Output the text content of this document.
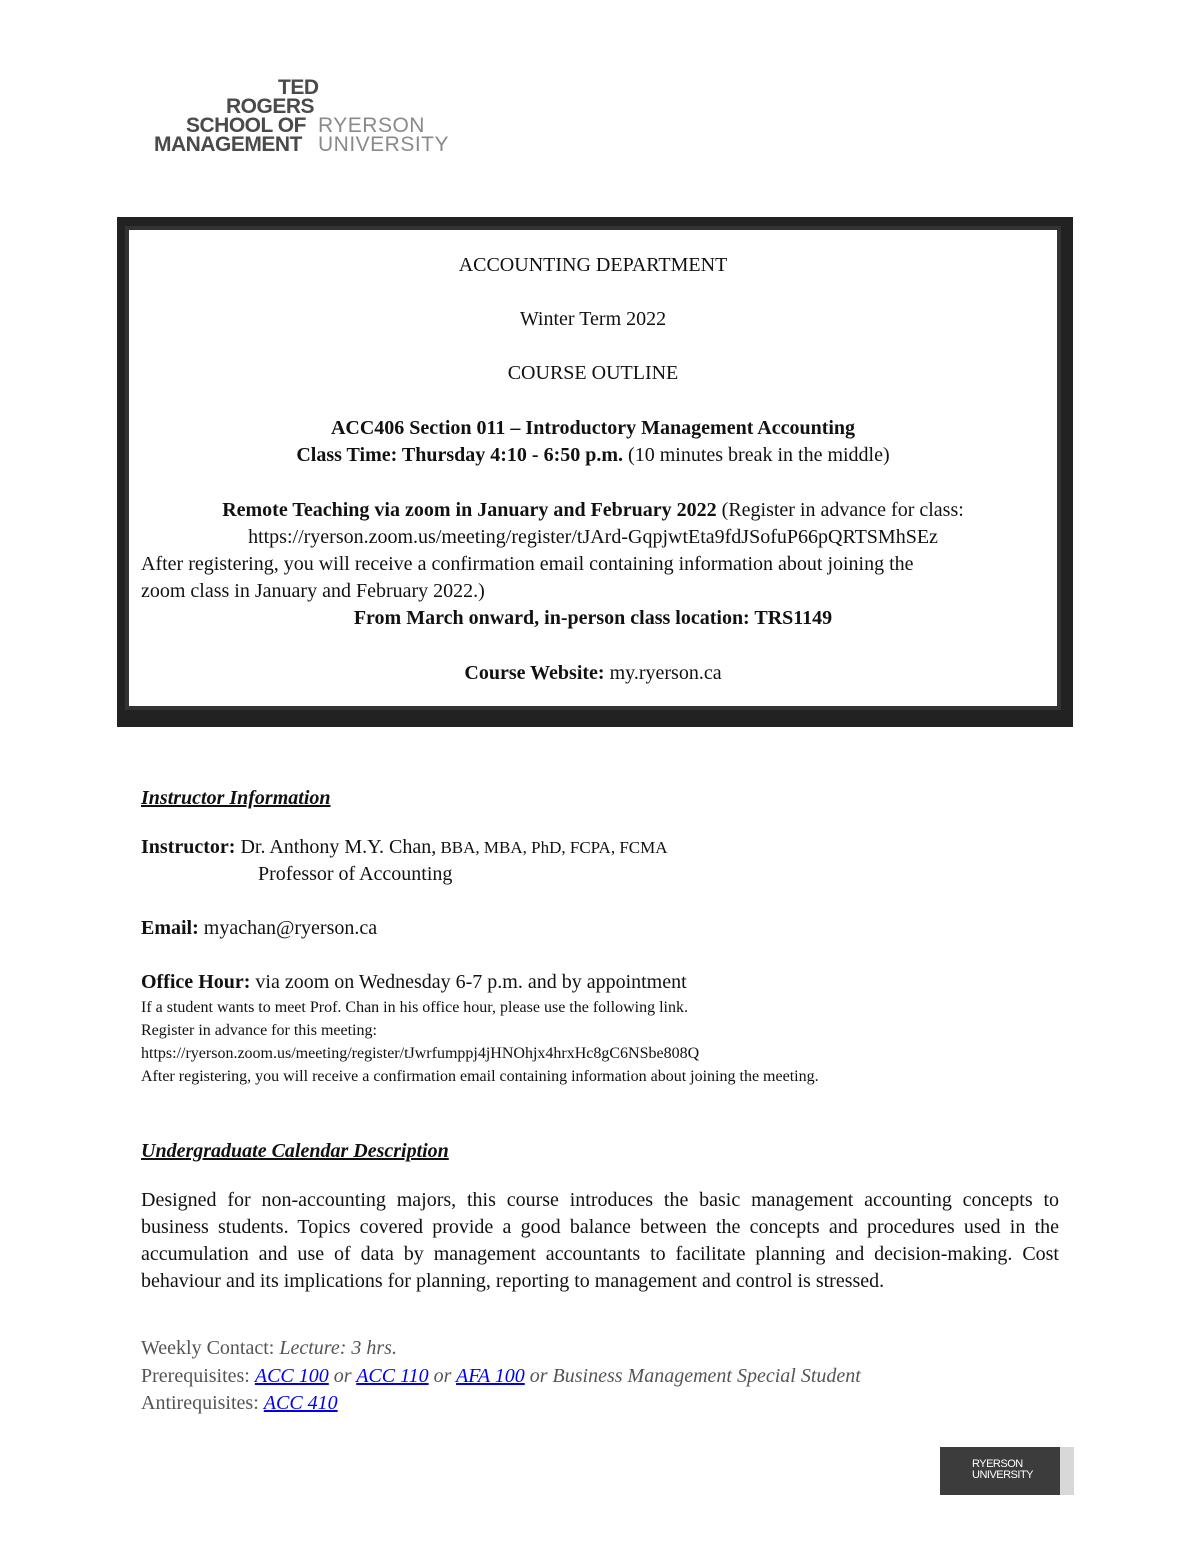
TED
ROGERS
SCHOOL OF RYERSON
MANAGEMENT UNIVERSITY
ACCOUNTING DEPARTMENT
Winter Term 2022
COURSE OUTLINE
ACC406 Section 011 – Introductory Management Accounting
Class Time: Thursday 4:10 - 6:50 p.m. (10 minutes break in the middle)
Remote Teaching via zoom in January and February 2022 (Register in advance for class:
https://ryerson.zoom.us/meeting/register/tJArd-GqpjwtEta9fdJSofuP66pQRTSMhSEz
After registering, you will receive a confirmation email containing information about joining the
zoom class in January and February 2022.)
From March onward, in-person class location: TRS1149
Course Website: my.ryerson.ca
Instructor Information
Instructor: Dr. Anthony M.Y. Chan, BBA, MBA, PhD, FCPA, FCMA
Professor of Accounting
Email: myachan@ryerson.ca
Office Hour: via zoom on Wednesday 6-7 p.m. and by appointment
If a student wants to meet Prof. Chan in his office hour, please use the following link.
Register in advance for this meeting:
https://ryerson.zoom.us/meeting/register/tJwrfumppj4jHNOhjx4hrxHc8gC6NSbe808Q
After registering, you will receive a confirmation email containing information about joining the meeting.
Undergraduate Calendar Description
Designed for non-accounting majors, this course introduces the basic management accounting concepts to business students. Topics covered provide a good balance between the concepts and procedures used in the accumulation and use of data by management accountants to facilitate planning and decision-making. Cost behaviour and its implications for planning, reporting to management and control is stressed.
Weekly Contact: Lecture: 3 hrs.
Prerequisites: ACC 100 or ACC 110 or AFA 100 or Business Management Special Student
Antirequisites: ACC 410
RYERSON
UNIVERSITY
